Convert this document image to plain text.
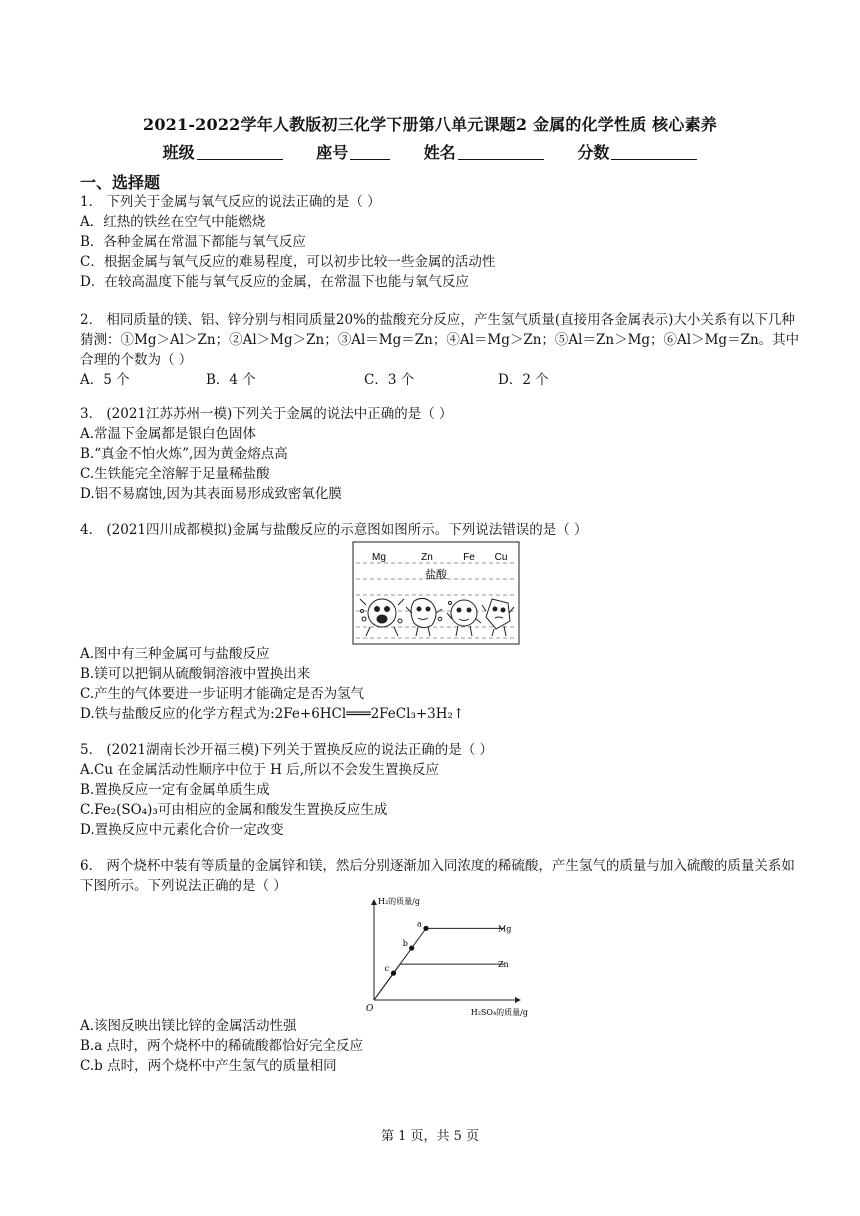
2021-2022学年人教版初三化学下册第八单元课题2 金属的化学性质 核心素养
班级	座号	姓名	分数
一、选择题

1． 下列关于金属与氧气反应的说法正确的是（ ）

A．红热的铁丝在空气中能燃烧

B．各种金属在常温下都能与氧气反应

C．根据金属与氧气反应的难易程度，可以初步比较一些金属的活动性

D．在较高温度下能与氧气反应的金属，在常温下也能与氧气反应

2． 相同质量的镁、铝、锌分别与相同质量20%的盐酸充分反应，产生氢气质量(直接用各金属表示)大小关系有以下几种猜测：①Mg＞Al＞Zn；②Al＞Mg＞Zn；③Al＝Mg＝Zn；④Al＝Mg＞Zn；⑤Al＝Zn＞Mg；⑥Al＞Mg＝Zn。其中合理的个数为（ ）

A．5 个	B．4 个	C．3 个	D．2 个

3． (2021江苏苏州一模)下列关于金属的说法中正确的是（ ）

A.常温下金属都是银白色固体

B.“真金不怕火炼”,因为黄金熔点高

C.生铁能完全溶解于足量稀盐酸

D.铝不易腐蚀,因为其表面易形成致密氧化膜

4． (2021四川成都模拟)金属与盐酸反应的示意图如图所示。下列说法错误的是（ ）

Mg	Zn	Fe Cu
盐酸

A.图中有三种金属可与盐酸反应

B.镁可以把铜从硫酸铜溶液中置换出来

C.产生的气体要进一步证明才能确定是否为氢气

D.铁与盐酸反应的化学方程式为:2Fe+6HCl═══2FeCl₃+3H₂↑

5． (2021湖南长沙开福三模)下列关于置换反应的说法正确的是（ ）

A.Cu 在金属活动性顺序中位于 H 后,所以不会发生置换反应

B.置换反应一定有金属单质生成

C.Fe₂(SO₄)₃可由相应的金属和酸发生置换反应生成

D.置换反应中元素化合价一定改变

6． 两个烧杯中装有等质量的金属锌和镁，然后分别逐渐加入同浓度的稀硫酸，产生氢气的质量与加入硫酸的质量关系如下图所示。下列说法正确的是（ ）

H₂的质量/g
H₂SO₄的质量/g
O
Mg
Zn
a
b
c

A.该图反映出镁比锌的金属活动性强

B.a 点时，两个烧杯中的稀硫酸都恰好完全反应

C.b 点时，两个烧杯中产生氢气的质量相同

第 1 页，共 5 页
